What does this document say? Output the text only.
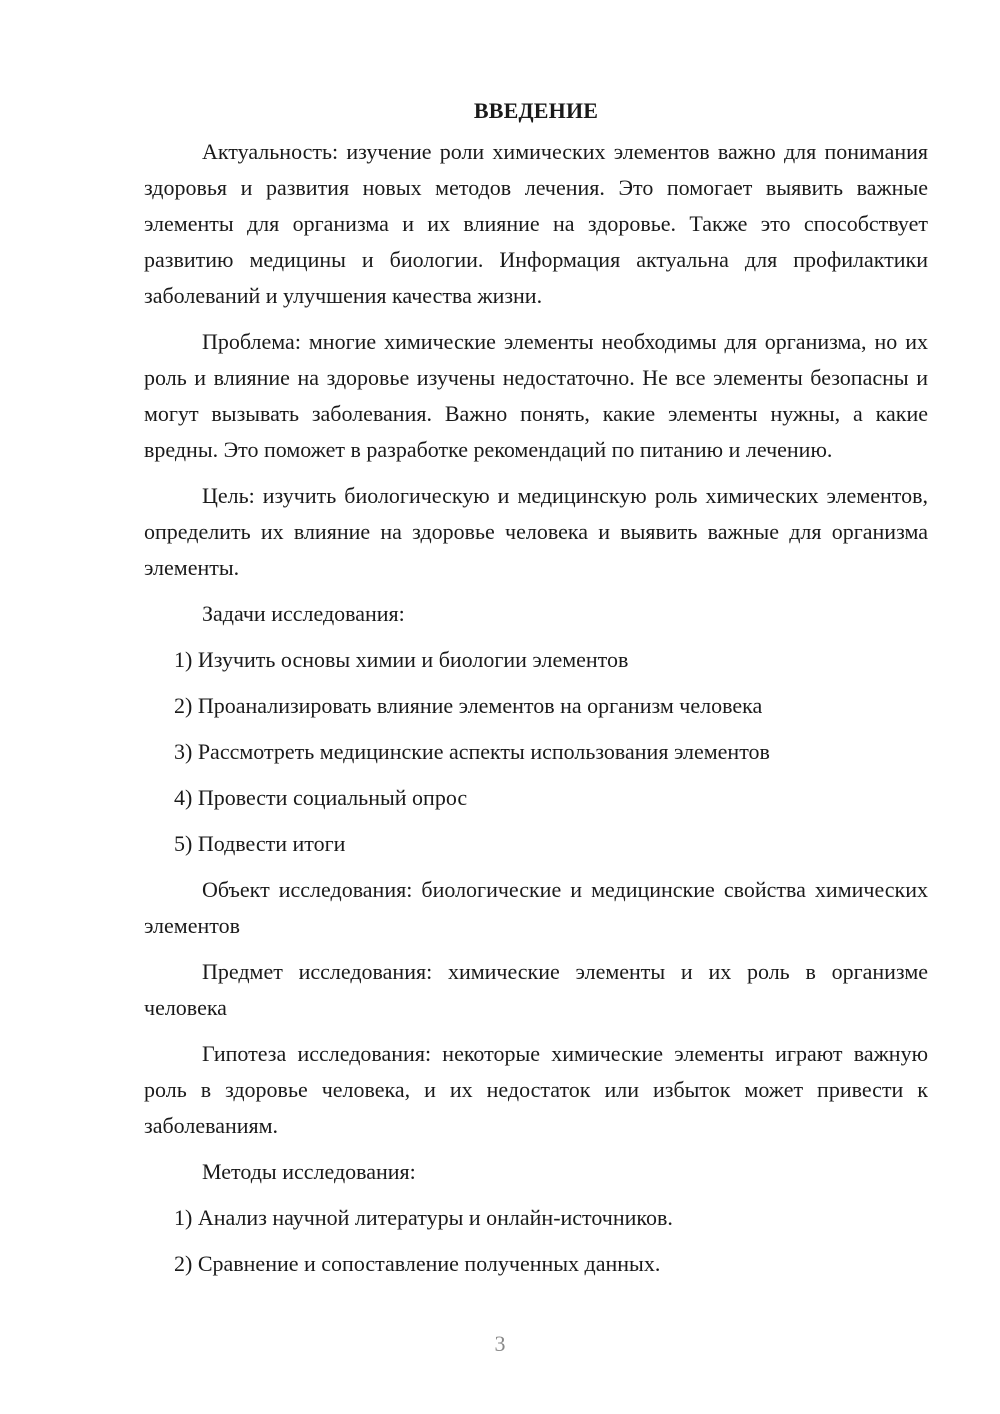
ВВЕДЕНИЕ

Актуальность: изучение роли химических элементов важно для понимания здоровья и развития новых методов лечения. Это помогает выявить важные элементы для организма и их влияние на здоровье. Также это способствует развитию медицины и биологии. Информация актуальна для профилактики заболеваний и улучшения качества жизни.

Проблема: многие химические элементы необходимы для организма, но их роль и влияние на здоровье изучены недостаточно. Не все элементы безопасны и могут вызывать заболевания. Важно понять, какие элементы нужны, а какие вредны. Это поможет в разработке рекомендаций по питанию и лечению.

Цель: изучить биологическую и медицинскую роль химических элементов, определить их влияние на здоровье человека и выявить важные для организма элементы.

Задачи исследования:

1) Изучить основы химии и биологии элементов
2) Проанализировать влияние элементов на организм человека
3) Рассмотреть медицинские аспекты использования элементов
4) Провести социальный опрос
5) Подвести итоги

Объект исследования: биологические и медицинские свойства химических элементов

Предмет исследования: химические элементы и их роль в организме человека

Гипотеза исследования: некоторые химические элементы играют важную роль в здоровье человека, и их недостаток или избыток может привести к заболеваниям.

Методы исследования:

1) Анализ научной литературы и онлайн-источников.
2) Сравнение и сопоставление полученных данных.
3
